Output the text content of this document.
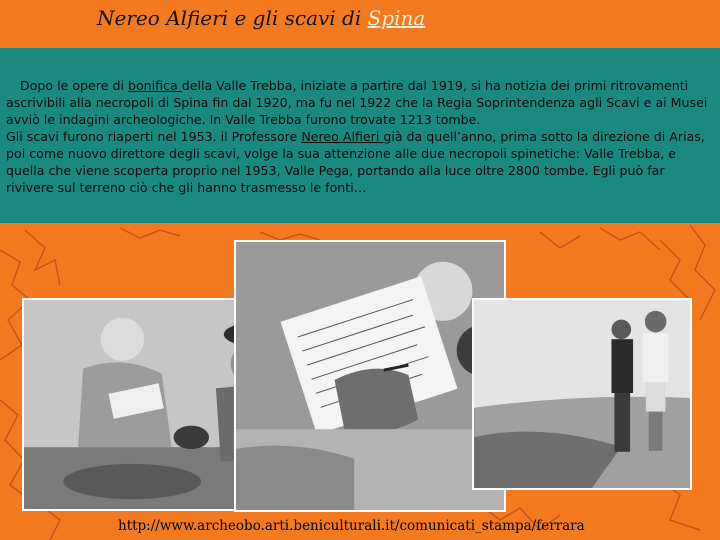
Nereo Alfieri e gli scavi di Spina

Dopo le opere di bonifica della Valle Trebba, iniziate a partire dal 1919, si ha notizia dei primi ritrovamenti ascrivibili alla necropoli di Spina fin dal 1920, ma fu nel 1922 che la Regia Soprintendenza agli Scavi e ai Musei avviò le indagini archeologiche. In Valle Trebba furono trovate 1213 tombe.

Gli scavi furono riaperti nel 1953. il Professore Nereo Alfieri già da quell’anno, prima sotto la direzione di Arias, poi come nuovo direttore degli scavi, volge la sua attenzione alle due necropoli spinetiche: Valle Trebba, e quella che viene scoperta proprio nel 1953, Valle Pega, portando alla luce oltre 2800 tombe. Egli può far rivivere sul terreno ciò che gli hanno trasmesso le fonti…

http://www.archeobo.arti.beniculturali.it/comunicati_stampa/ferrara
